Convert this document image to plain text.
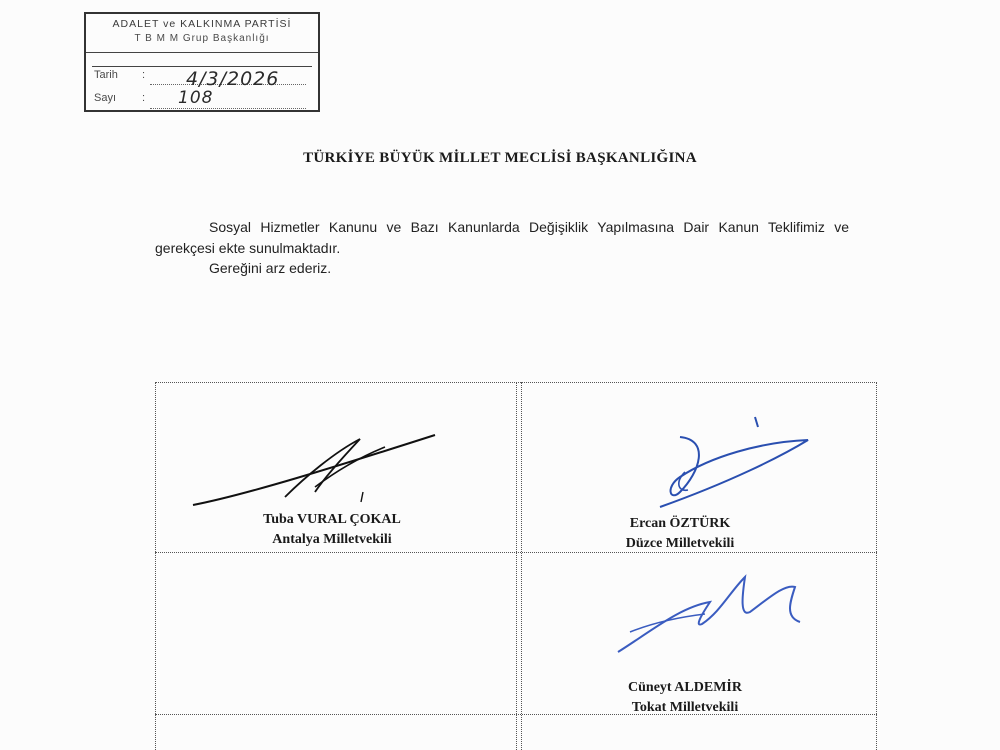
ADALET ve KALKINMA PARTİSİ
T B M M Grup Başkanlığı
Tarih : 4/3/2026
Sayı : 108
TÜRKİYE BÜYÜK MİLLET MECLİSİ BAŞKANLIĞINA
Sosyal Hizmetler Kanunu ve Bazı Kanunlarda Değişiklik Yapılmasına Dair Kanun Teklifimiz ve gerekçesi ekte sunulmaktadır.
Gereğini arz ederiz.
Tuba VURAL ÇOKAL
Antalya Milletvekili
Ercan ÖZTÜRK
Düzce Milletvekili
Cüneyt ALDEMİR
Tokat Milletvekili
